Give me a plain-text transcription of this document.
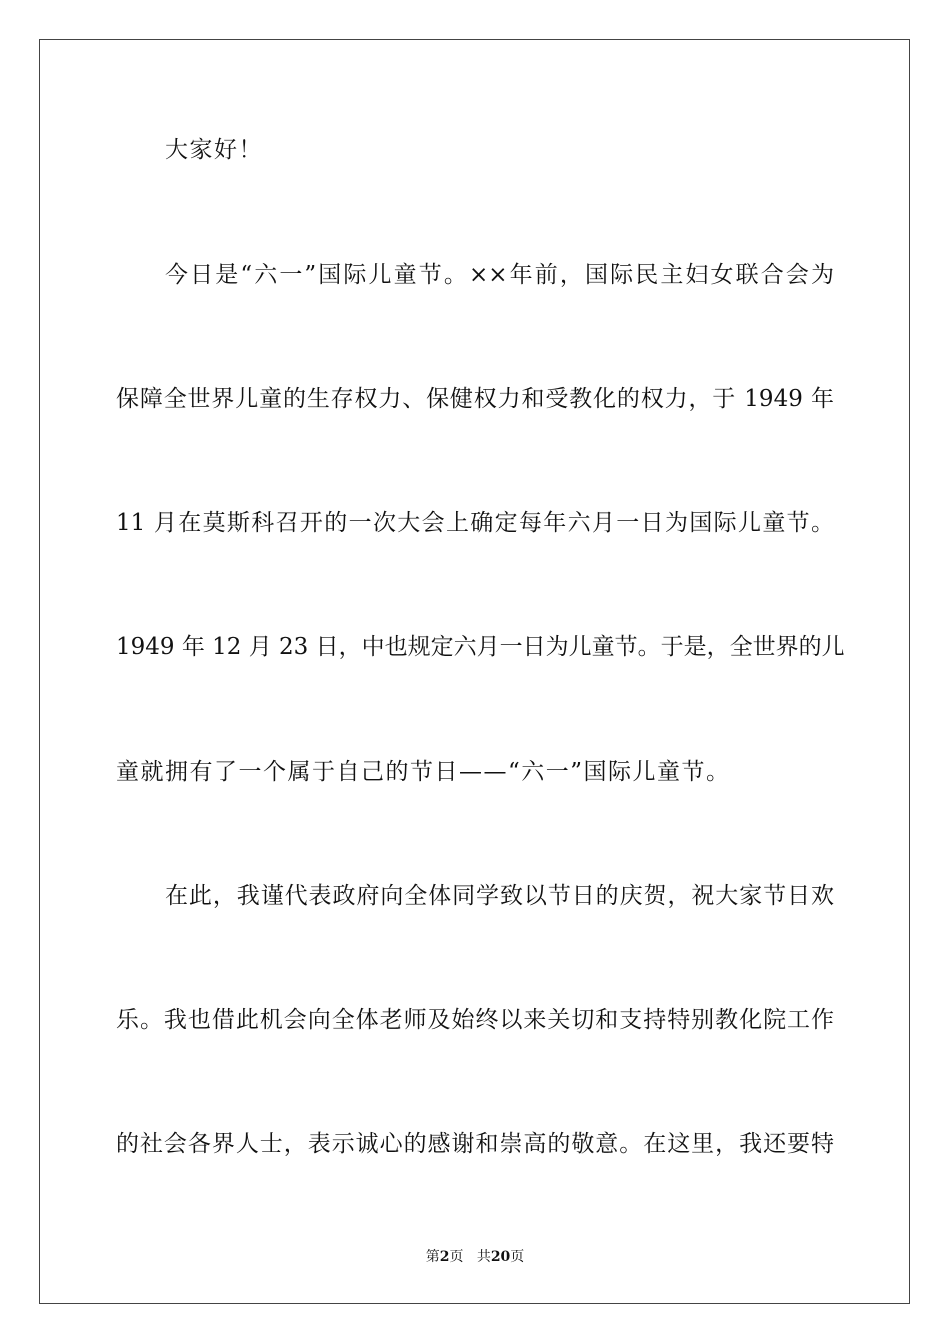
大家好！
今日是“六一”国际儿童节。××年前，国际民主妇女联合会为
保障全世界儿童的生存权力、保健权力和受教化的权力，于 1949 年
11 月在莫斯科召开的一次大会上确定每年六月一日为国际儿童节。
1949 年 12 月 23 日，中也规定六月一日为儿童节。于是，全世界的儿
童就拥有了一个属于自己的节日——“六一”国际儿童节。
在此，我谨代表政府向全体同学致以节日的庆贺，祝大家节日欢
乐。我也借此机会向全体老师及始终以来关切和支持特别教化院工作
的社会各界人士，表示诚心的感谢和崇高的敬意。在这里，我还要特
第2页 共20页
